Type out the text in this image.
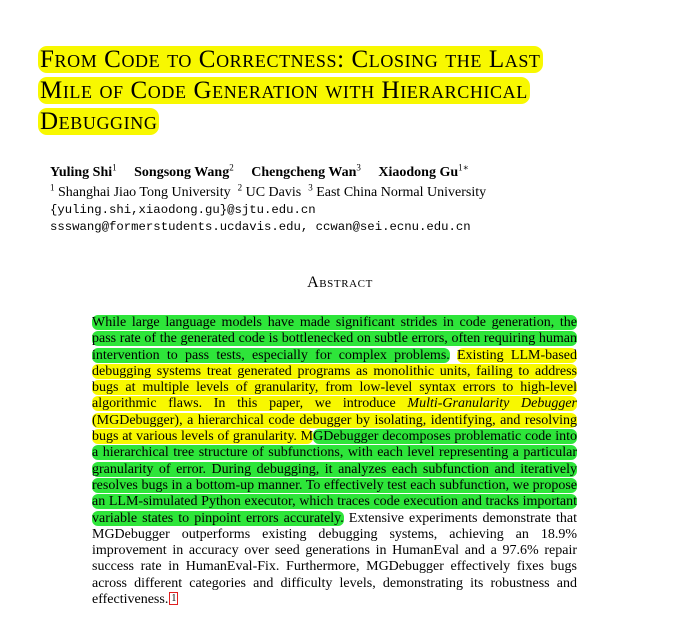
From Code to Correctness: Closing the Last
Mile of Code Generation with Hierarchical
Debugging
Yuling Shi$^1$ Songsong Wang$^2$ Chengcheng Wan$^3$ Xiaodong $Gu^{1∗}$
$^1$ Shanghai Jiao Tong University $^2$ UC Davis $^3$ East China Normal University
{yuling.shi,xiaodong.gu}@sjtu.edu.cn
ssswang@formerstudents.ucdavis.edu, ccwan@sei.ecnu.edu.cn
Abstract
While large language models have made significant strides in code generation, the pass rate of the generated code is bottlenecked on subtle errors, often requiring human intervention to pass tests, especially for complex problems. Existing LLM-based debugging systems treat generated programs as monolithic units, failing to address bugs at multiple levels of granularity, from low-level syntax errors to high-level algorithmic flaws. In this paper, we introduce Multi-Granularity Debugger (MGDebugger), a hierarchical code debugger by isolating, identifying, and resolving bugs at various levels of granularity. MGDebugger decomposes problematic code into a hierarchical tree structure of subfunctions, with each level representing a particular granularity of error. During debugging, it analyzes each subfunction and iteratively resolves bugs in a bottom-up manner. To effectively test each subfunction, we propose an LLM-simulated Python executor, which traces code execution and tracks important variable states to pinpoint errors accurately. Extensive experiments demonstrate that MGDebugger outperforms existing debugging systems, achieving an 18.9% improvement in accuracy over seed generations in HumanEval and a 97.6% repair success rate in HumanEval-Fix. Furthermore, MGDebugger effectively fixes bugs across different categories and difficulty levels, demonstrating its robustness and effectiveness. 1
